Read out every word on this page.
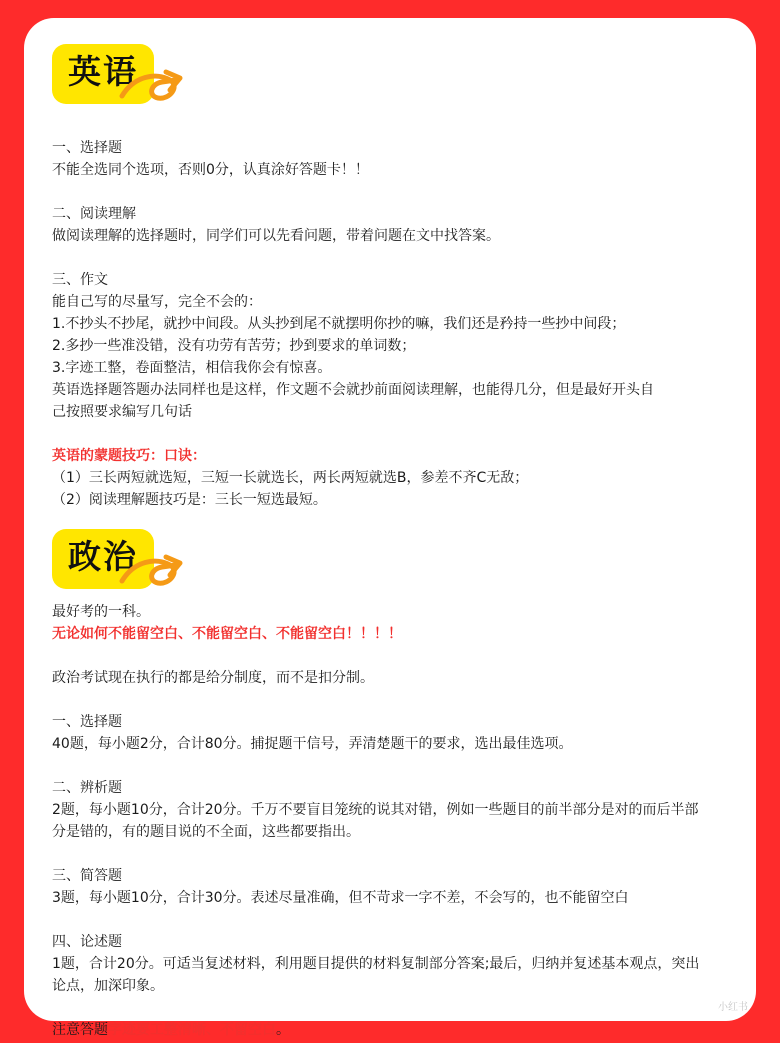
英语
一、选择题
不能全选同个选项，否则0分，认真涂好答题卡！！
二、阅读理解
做阅读理解的选择题时，同学们可以先看问题，带着问题在文中找答案。
三、作文
能自己写的尽量写，完全不会的：
1.不抄头不抄尾，就抄中间段。从头抄到尾不就摆明你抄的嘛，我们还是矜持一些抄中间段；
2.多抄一些准没错，没有功劳有苦劳；抄到要求的单词数；
3.字迹工整，卷面整洁，相信我你会有惊喜。
英语选择题答题办法同样也是这样，作文题不会就抄前面阅读理解，也能得几分，但是最好开头自
己按照要求编写几句话
英语的蒙题技巧：口诀：
（1）三长两短就选短，三短一长就选长，两长两短就选B，参差不齐C无敌；
（2）阅读理解题技巧是：三长一短选最短。
政治
最好考的一科。
无论如何不能留空白、不能留空白、不能留空白！！！！
政治考试现在执行的都是给分制度，而不是扣分制。
一、选择题
40题，每小题2分，合计80分。捕捉题干信号，弄清楚题干的要求，选出最佳选项。
二、辨析题
2题，每小题10分，合计20分。千万不要盲目笼统的说其对错，例如一些题目的前半部分是对的而后半部
分是错的，有的题目说的不全面，这些都要指出。
三、简答题
3题，每小题10分，合计30分。表述尽量准确，但不苛求一字不差，不会写的，也不能留空白
四、论述题
1题，合计20分。可适当复述材料，利用题目提供的材料复制部分答案;最后，归纳并复述基本观点，突出
论点，加深印象。
注意答题字迹要工整清晰、不留空白。
小红书
